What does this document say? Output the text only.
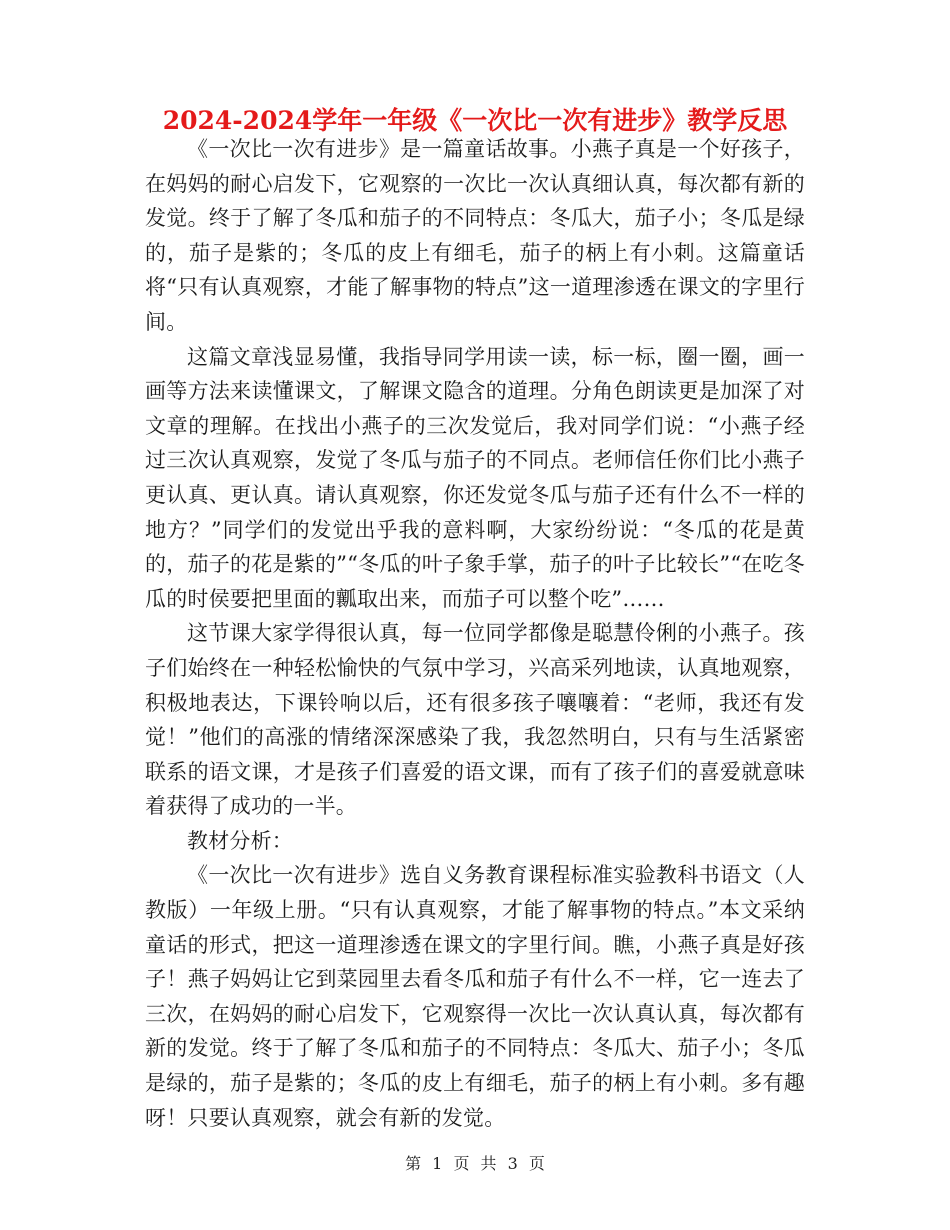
2024-2024学年一年级《一次比一次有进步》教学反思

《一次比一次有进步》是一篇童话故事。小燕子真是一个好孩子，在妈妈的耐心启发下，它观察的一次比一次认真细认真，每次都有新的发觉。终于了解了冬瓜和茄子的不同特点：冬瓜大，茄子小；冬瓜是绿的，茄子是紫的；冬瓜的皮上有细毛，茄子的柄上有小刺。这篇童话将“只有认真观察，才能了解事物的特点”这一道理渗透在课文的字里行间。

这篇文章浅显易懂，我指导同学用读一读，标一标，圈一圈，画一画等方法来读懂课文，了解课文隐含的道理。分角色朗读更是加深了对文章的理解。在找出小燕子的三次发觉后，我对同学们说：“小燕子经过三次认真观察，发觉了冬瓜与茄子的不同点。老师信任你们比小燕子更认真、更认真。请认真观察，你还发觉冬瓜与茄子还有什么不一样的地方？”同学们的发觉出乎我的意料啊，大家纷纷说：“冬瓜的花是黄的，茄子的花是紫的”“冬瓜的叶子象手掌，茄子的叶子比较长”“在吃冬瓜的时侯要把里面的瓤取出来，而茄子可以整个吃”……

这节课大家学得很认真，每一位同学都像是聪慧伶俐的小燕子。孩子们始终在一种轻松愉快的气氛中学习，兴高采列地读，认真地观察，积极地表达，下课铃响以后，还有很多孩子嚷嚷着：“老师，我还有发觉！”他们的高涨的情绪深深感染了我，我忽然明白，只有与生活紧密联系的语文课，才是孩子们喜爱的语文课，而有了孩子们的喜爱就意味着获得了成功的一半。

教材分析：

《一次比一次有进步》选自义务教育课程标准实验教科书语文（人教版）一年级上册。“只有认真观察，才能了解事物的特点。”本文采纳童话的形式，把这一道理渗透在课文的字里行间。瞧，小燕子真是好孩子！燕子妈妈让它到菜园里去看冬瓜和茄子有什么不一样，它一连去了三次，在妈妈的耐心启发下，它观察得一次比一次认真认真，每次都有新的发觉。终于了解了冬瓜和茄子的不同特点：冬瓜大、茄子小；冬瓜是绿的，茄子是紫的；冬瓜的皮上有细毛，茄子的柄上有小刺。多有趣呀！只要认真观察，就会有新的发觉。

第 1 页 共 3 页
